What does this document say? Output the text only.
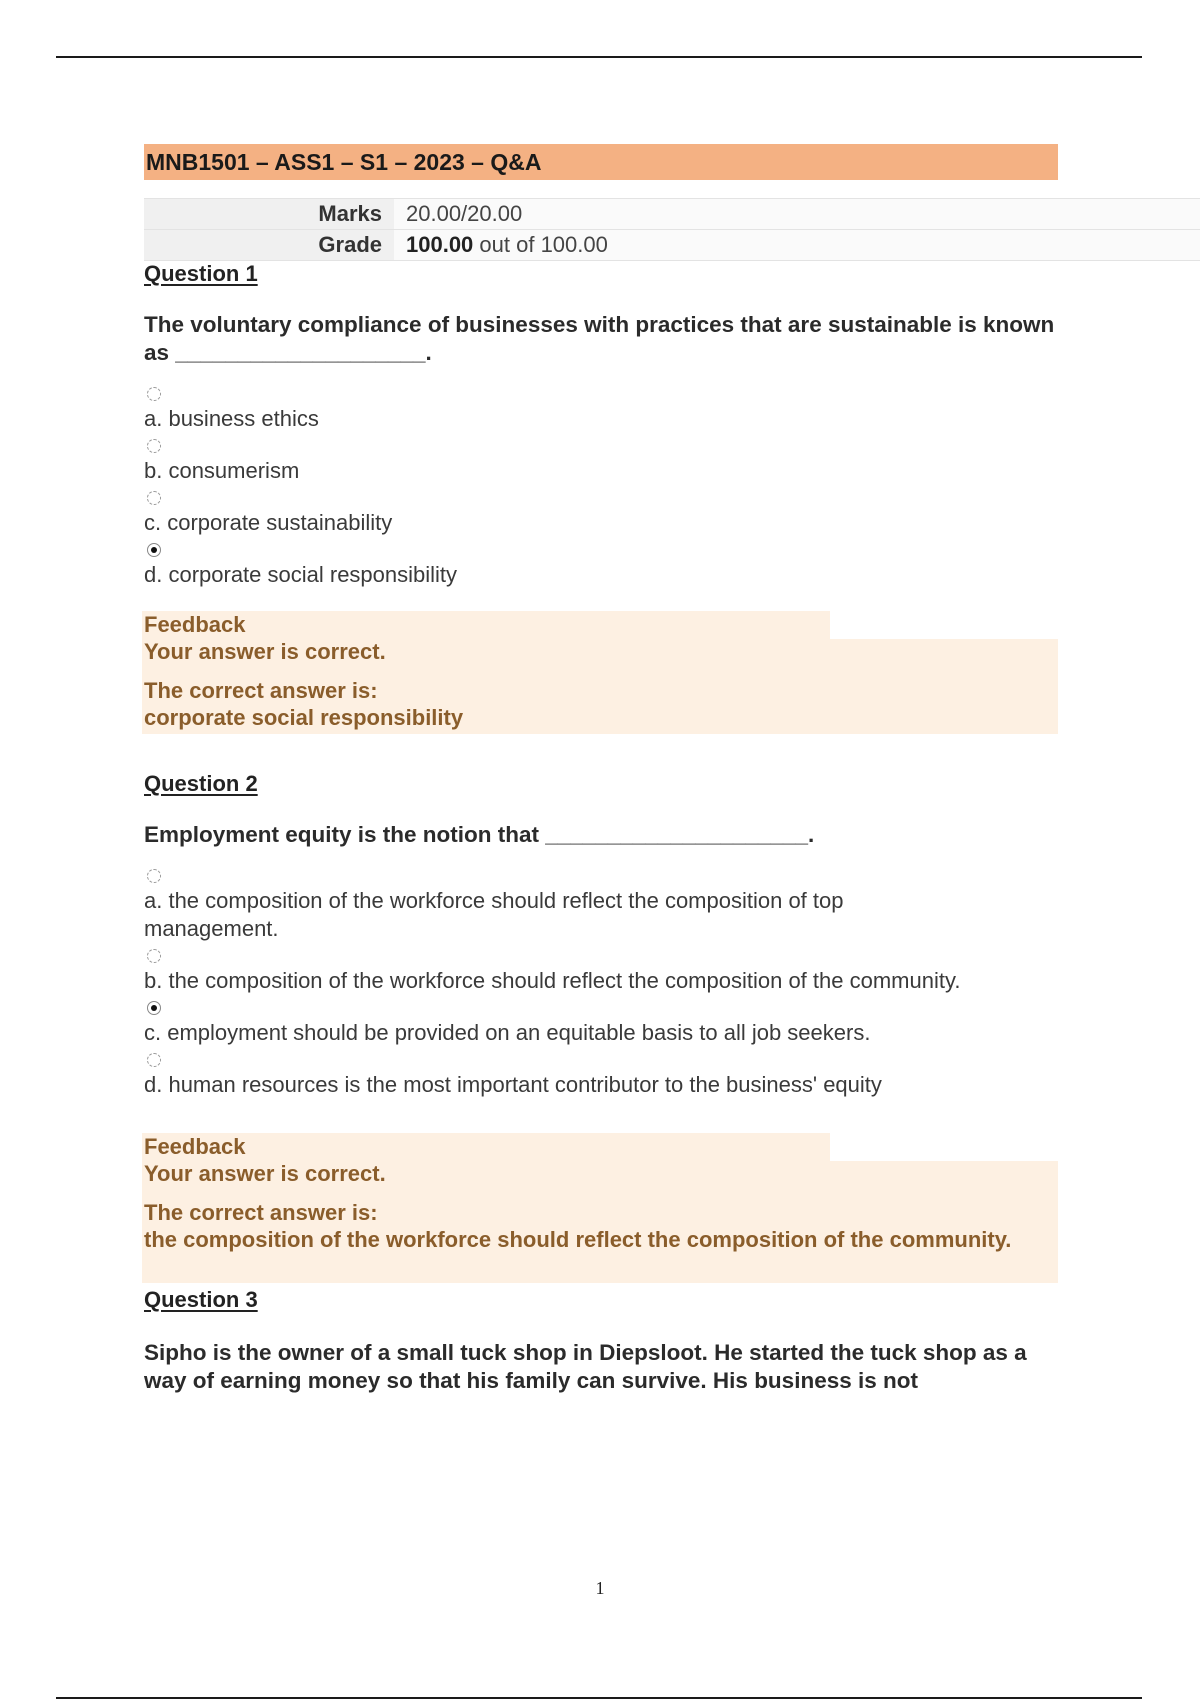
MNB1501 – ASS1 – S1 – 2023 – Q&A
Marks	20.00/20.00
Grade	100.00 out of 100.00
Question 1
The voluntary compliance of businesses with practices that are sustainable is known as ____________________.
a. business ethics
b. consumerism
c. corporate sustainability
d. corporate social responsibility
Feedback
Your answer is correct.
The correct answer is:
corporate social responsibility
Question 2
Employment equity is the notion that _____________________.
a. the composition of the workforce should reflect the composition of top management.
b. the composition of the workforce should reflect the composition of the community.
c. employment should be provided on an equitable basis to all job seekers.
d. human resources is the most important contributor to the business' equity
Feedback
Your answer is correct.
The correct answer is:
the composition of the workforce should reflect the composition of the community.
Question 3
Sipho is the owner of a small tuck shop in Diepsloot. He started the tuck shop as a way of earning money so that his family can survive. His business is not
1
